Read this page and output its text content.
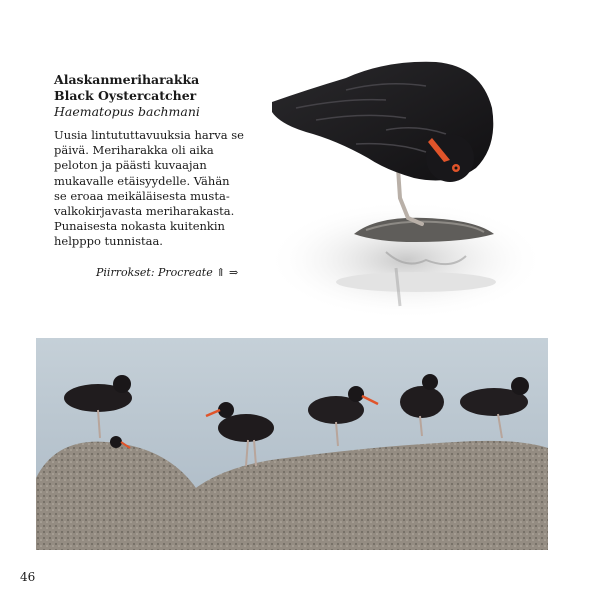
Alaskanmeriharakka
Black Oystercatcher
Haematopus bachmani
Uusia lintututtavuuksia harva se
päivä. Meriharakka oli aika
peloton ja päästi kuvaajan
mukavalle etäisyydelle. Vähän
se eroaa meikäläisesta musta-
valkokirjavasta meriharakasta.
Punaisesta nokasta kuitenkin
helpppo tunnistaa.
Piirrokset: Procreate ⇑ ⇒
46
